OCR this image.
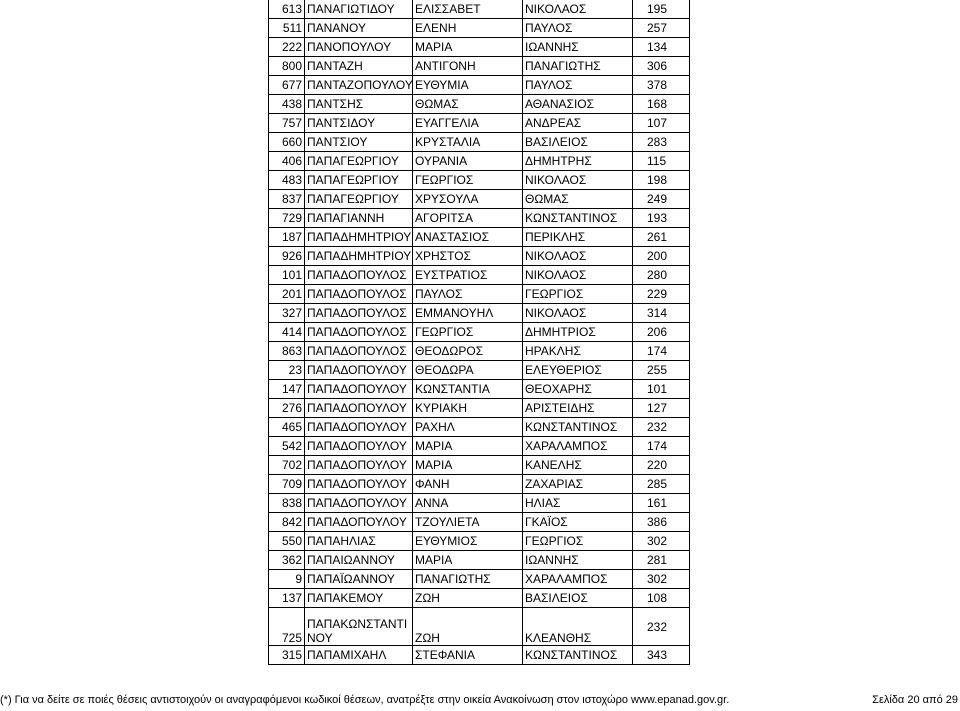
613	ΠΑΝΑΓΙΩΤΙΔΟΥ	ΕΛΙΣΣΑΒΕΤ	ΝΙΚΟΛΑΟΣ	195
511	ΠΑΝΑΝΟΥ	ΕΛΕΝΗ	ΠΑΥΛΟΣ	257
222	ΠΑΝΟΠΟΥΛΟΥ	ΜΑΡΙΑ	ΙΩΑΝΝΗΣ	134
800	ΠΑΝΤΑΖΗ	ΑΝΤΙΓΟΝΗ	ΠΑΝΑΓΙΩΤΗΣ	306
677	ΠΑΝΤΑΖΟΠΟΥΛΟΥ	ΕΥΘΥΜΙΑ	ΠΑΥΛΟΣ	378
438	ΠΑΝΤΣΗΣ	ΘΩΜΑΣ	ΑΘΑΝΑΣΙΟΣ	168
757	ΠΑΝΤΣΙΔΟΥ	ΕΥΑΓΓΕΛΙΑ	ΑΝΔΡΕΑΣ	107
660	ΠΑΝΤΣΙΟΥ	ΚΡΥΣΤΑΛΙΑ	ΒΑΣΙΛΕΙΟΣ	283
406	ΠΑΠΑΓΕΩΡΓΙΟΥ	ΟΥΡΑΝΙΑ	ΔΗΜΗΤΡΗΣ	115
483	ΠΑΠΑΓΕΩΡΓΙΟΥ	ΓΕΩΡΓΙΟΣ	ΝΙΚΟΛΑΟΣ	198
837	ΠΑΠΑΓΕΩΡΓΙΟΥ	ΧΡΥΣΟΥΛΑ	ΘΩΜΑΣ	249
729	ΠΑΠΑΓΙΑΝΝΗ	ΑΓΟΡΙΤΣΑ	ΚΩΝΣΤΑΝΤΙΝΟΣ	193
187	ΠΑΠΑΔΗΜΗΤΡΙΟΥ	ΑΝΑΣΤΑΣΙΟΣ	ΠΕΡΙΚΛΗΣ	261
926	ΠΑΠΑΔΗΜΗΤΡΙΟΥ	ΧΡΗΣΤΟΣ	ΝΙΚΟΛΑΟΣ	200
101	ΠΑΠΑΔΟΠΟΥΛΟΣ	ΕΥΣΤΡΑΤΙΟΣ	ΝΙΚΟΛΑΟΣ	280
201	ΠΑΠΑΔΟΠΟΥΛΟΣ	ΠΑΥΛΟΣ	ΓΕΩΡΓΙΟΣ	229
327	ΠΑΠΑΔΟΠΟΥΛΟΣ	ΕΜΜΑΝΟΥΗΛ	ΝΙΚΟΛΑΟΣ	314
414	ΠΑΠΑΔΟΠΟΥΛΟΣ	ΓΕΩΡΓΙΟΣ	ΔΗΜΗΤΡΙΟΣ	206
863	ΠΑΠΑΔΟΠΟΥΛΟΣ	ΘΕΟΔΩΡΟΣ	ΗΡΑΚΛΗΣ	174
23	ΠΑΠΑΔΟΠΟΥΛΟΥ	ΘΕΟΔΩΡΑ	ΕΛΕΥΘΕΡΙΟΣ	255
147	ΠΑΠΑΔΟΠΟΥΛΟΥ	ΚΩΝΣΤΑΝΤΙΑ	ΘΕΟΧΑΡΗΣ	101
276	ΠΑΠΑΔΟΠΟΥΛΟΥ	ΚΥΡΙΑΚΗ	ΑΡΙΣΤΕΙΔΗΣ	127
465	ΠΑΠΑΔΟΠΟΥΛΟΥ	ΡΑΧΗΛ	ΚΩΝΣΤΑΝΤΙΝΟΣ	232
542	ΠΑΠΑΔΟΠΟΥΛΟΥ	ΜΑΡΙΑ	ΧΑΡΑΛΑΜΠΟΣ	174
702	ΠΑΠΑΔΟΠΟΥΛΟΥ	ΜΑΡΙΑ	ΚΑΝΕΛΗΣ	220
709	ΠΑΠΑΔΟΠΟΥΛΟΥ	ΦΑΝΗ	ΖΑΧΑΡΙΑΣ	285
838	ΠΑΠΑΔΟΠΟΥΛΟΥ	ΑΝΝΑ	ΗΛΙΑΣ	161
842	ΠΑΠΑΔΟΠΟΥΛΟΥ	ΤΖΟΥΛΙΕΤΑ	ΓΚΑΪΟΣ	386
550	ΠΑΠΑΗΛΙΑΣ	ΕΥΘΥΜΙΟΣ	ΓΕΩΡΓΙΟΣ	302
362	ΠΑΠΑΙΩΑΝΝΟΥ	ΜΑΡΙΑ	ΙΩΑΝΝΗΣ	281
9	ΠΑΠΑΪΩΑΝΝΟΥ	ΠΑΝΑΓΙΩΤΗΣ	ΧΑΡΑΛΑΜΠΟΣ	302
137	ΠΑΠΑΚΕΜΟΥ	ΖΩΗ	ΒΑΣΙΛΕΙΟΣ	108
725	ΠΑΠΑΚΩΝΣΤΑΝΤΙΝΟΥ	ΖΩΗ	ΚΛΕΑΝΘΗΣ	232
315	ΠΑΠΑΜΙΧΑΗΛ	ΣΤΕΦΑΝΙΑ	ΚΩΝΣΤΑΝΤΙΝΟΣ	343
(*) Για να δείτε σε ποιές θέσεις αντιστοιχούν οι αναγραφόμενοι κωδικοί θέσεων, ανατρέξτε στην οικεία Ανακοίνωση στον ιστοχώρο www.epanad.gov.gr.	Σελίδα 20 από 29
